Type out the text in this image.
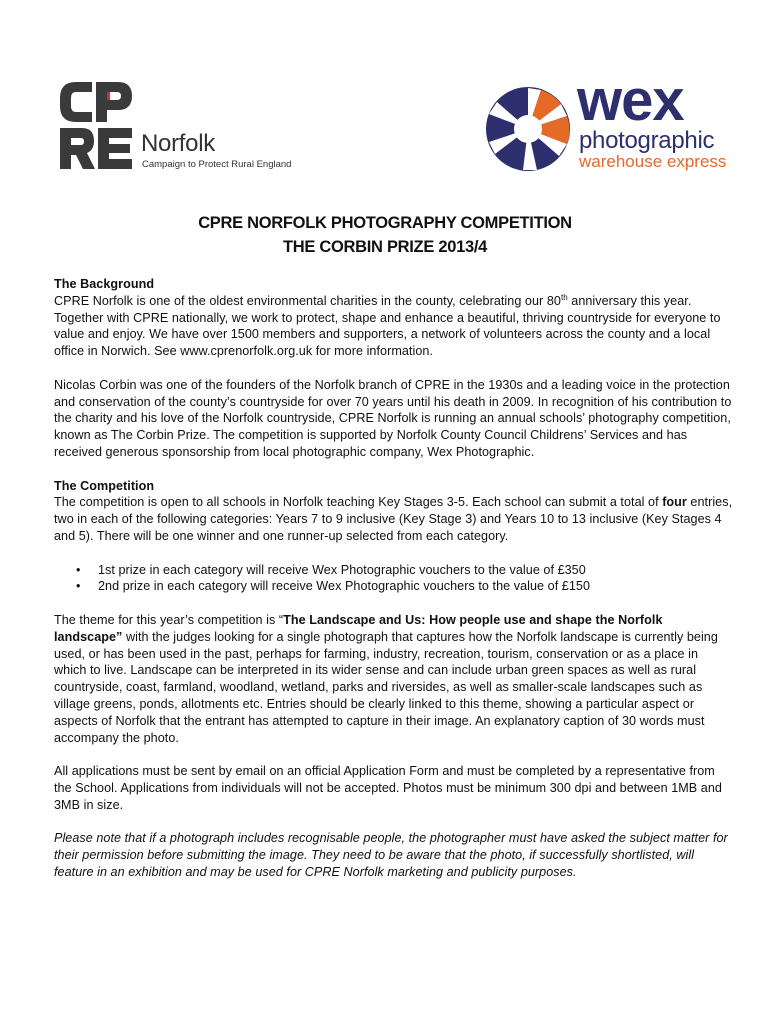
Norfolk
Campaign to Protect Rural England
wex
photographic
warehouse express
CPRE NORFOLK PHOTOGRAPHY COMPETITION
THE CORBIN PRIZE 2013/4

The Background
CPRE Norfolk is one of the oldest environmental charities in the county, celebrating our 80th anniversary this year. Together with CPRE nationally, we work to protect, shape and enhance a beautiful, thriving countryside for everyone to value and enjoy. We have over 1500 members and supporters, a network of volunteers across the county and a local office in Norwich. See www.cprenorfolk.org.uk for more information.

Nicolas Corbin was one of the founders of the Norfolk branch of CPRE in the 1930s and a leading voice in the protection and conservation of the county’s countryside for over 70 years until his death in 2009. In recognition of his contribution to the charity and his love of the Norfolk countryside, CPRE Norfolk is running an annual schools’ photography competition, known as The Corbin Prize. The competition is supported by Norfolk County Council Childrens’ Services and has received generous sponsorship from local photographic company, Wex Photographic.

The Competition
The competition is open to all schools in Norfolk teaching Key Stages 3-5. Each school can submit a total of four entries, two in each of the following categories: Years 7 to 9 inclusive (Key Stage 3) and Years 10 to 13 inclusive (Key Stages 4 and 5). There will be one winner and one runner-up selected from each category.

• 1st prize in each category will receive Wex Photographic vouchers to the value of £350
• 2nd prize in each category will receive Wex Photographic vouchers to the value of £150

The theme for this year’s competition is “The Landscape and Us: How people use and shape the Norfolk landscape” with the judges looking for a single photograph that captures how the Norfolk landscape is currently being used, or has been used in the past, perhaps for farming, industry, recreation, tourism, conservation or as a place in which to live. Landscape can be interpreted in its wider sense and can include urban green spaces as well as rural countryside, coast, farmland, woodland, wetland, parks and riversides, as well as smaller-scale landscapes such as village greens, ponds, allotments etc. Entries should be clearly linked to this theme, showing a particular aspect or aspects of Norfolk that the entrant has attempted to capture in their image. An explanatory caption of 30 words must accompany the photo.

All applications must be sent by email on an official Application Form and must be completed by a representative from the School. Applications from individuals will not be accepted. Photos must be minimum 300 dpi and between 1MB and 3MB in size.

Please note that if a photograph includes recognisable people, the photographer must have asked the subject matter for their permission before submitting the image. They need to be aware that the photo, if successfully shortlisted, will feature in an exhibition and may be used for CPRE Norfolk marketing and publicity purposes.
